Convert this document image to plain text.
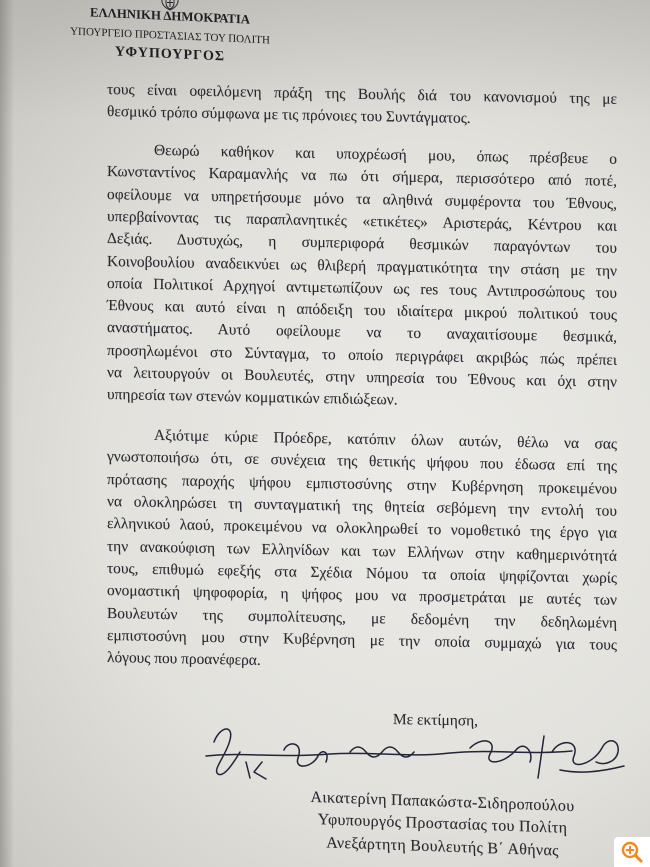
ΕΛΛΗΝΙΚΗ ΔΗΜΟΚΡΑΤΙΑ
ΥΠΟΥΡΓΕΙΟ ΠΡΟΣΤΑΣΙΑΣ ΤΟΥ ΠΟΛΙΤΗ
ΥΦΥΠΟΥΡΓΟΣ
τους είναι οφειλόμενη πράξη της Βουλής διά του κανονισμού της με
θεσμικό τρόπο σύμφωνα με τις πρόνοιες του Συντάγματος.
Θεωρώ καθήκον και υποχρέωσή μου, όπως πρέσβευε ο
Κωνσταντίνος Καραμανλής να πω ότι σήμερα, περισσότερο από ποτέ,
οφείλουμε να υπηρετήσουμε μόνο τα αληθινά συμφέροντα του Έθνους,
υπερβαίνοντας τις παραπλανητικές «ετικέτες» Αριστεράς, Κέντρου και
Δεξιάς. Δυστυχώς, η συμπεριφορά θεσμικών παραγόντων του
Κοινοβουλίου αναδεικνύει ως θλιβερή πραγματικότητα την στάση με την
οποία Πολιτικοί Αρχηγοί αντιμετωπίζουν ως res τους Αντιπροσώπους του
Έθνους και αυτό είναι η απόδειξη του ιδιαίτερα μικρού πολιτικού τους
αναστήματος. Αυτό οφείλουμε να το αναχαιτίσουμε θεσμικά,
προσηλωμένοι στο Σύνταγμα, το οποίο περιγράφει ακριβώς πώς πρέπει
να λειτουργούν οι Βουλευτές, στην υπηρεσία του Έθνους και όχι στην
υπηρεσία των στενών κομματικών επιδιώξεων.
Αξιότιμε κύριε Πρόεδρε, κατόπιν όλων αυτών, θέλω να σας
γνωστοποιήσω ότι, σε συνέχεια της θετικής ψήφου που έδωσα επί της
πρότασης παροχής ψήφου εμπιστοσύνης στην Κυβέρνηση προκειμένου
να ολοκληρώσει τη συνταγματική της θητεία σεβόμενη την εντολή του
ελληνικού λαού, προκειμένου να ολοκληρωθεί το νομοθετικό της έργο για
την ανακούφιση των Ελληνίδων και των Ελλήνων στην καθημερινότητά
τους, επιθυμώ εφεξής στα Σχέδια Νόμου τα οποία ψηφίζονται χωρίς
ονομαστική ψηφοφορία, η ψήφος μου να προσμετράται με αυτές των
Βουλευτών της συμπολίτευσης, με δεδομένη την δεδηλωμένη
εμπιστοσύνη μου στην Κυβέρνηση με την οποία συμμαχώ για τους
λόγους που προανέφερα.
Με εκτίμηση,
Αικατερίνη Παπακώστα-Σιδηροπούλου
Υφυπουργός Προστασίας του Πολίτη
Ανεξάρτητη Βουλευτής Β΄ Αθήνας
